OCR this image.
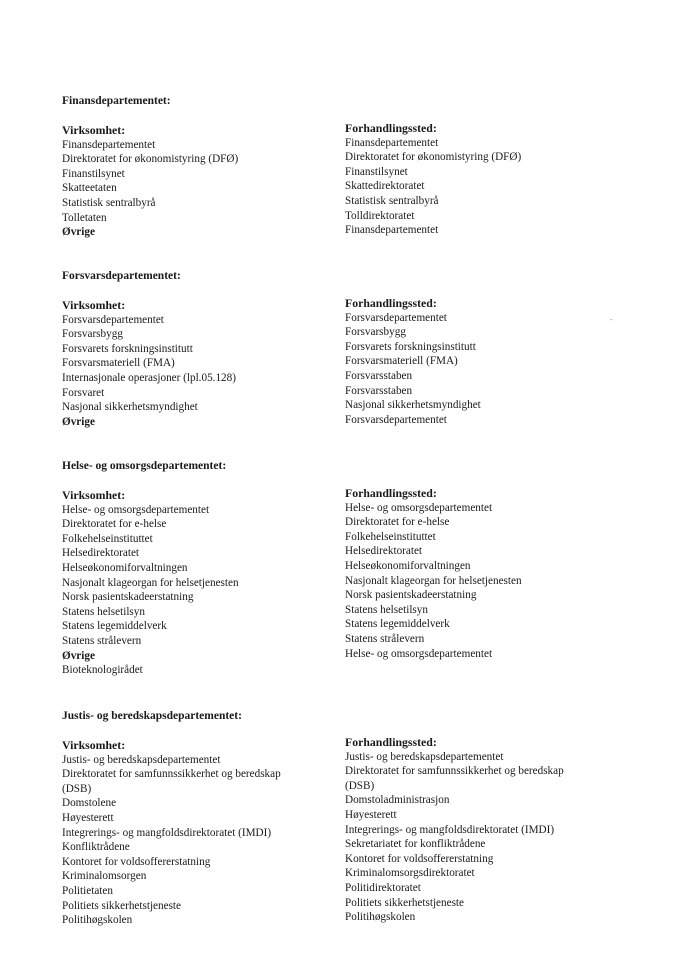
Finansdepartementet:
Virksomhet:
Finansdepartementet
Direktoratet for økonomistyring (DFØ)
Finanstilsynet
Skatteetaten
Statistisk sentralbyrå
Tolletaten
Øvrige
Forhandlingssted:
Finansdepartementet
Direktoratet for økonomistyring (DFØ)
Finanstilsynet
Skattedirektoratet
Statistisk sentralbyrå
Tolldirektoratet
Finansdepartementet
Forsvarsdepartementet:
Virksomhet:
Forsvarsdepartementet
Forsvarsbygg
Forsvarets forskningsinstitutt
Forsvarsmateriell (FMA)
Internasjonale operasjoner (lpl.05.128)
Forsvaret
Nasjonal sikkerhetsmyndighet
Øvrige
Forhandlingssted:
Forsvarsdepartementet
Forsvarsbygg
Forsvarets forskningsinstitutt
Forsvarsmateriell (FMA)
Forsvarsstaben
Forsvarsstaben
Nasjonal sikkerhetsmyndighet
Forsvarsdepartementet
-
Helse- og omsorgsdepartementet:
Virksomhet:
Helse- og omsorgsdepartementet
Direktoratet for e-helse
Folkehelseinstituttet
Helsedirektoratet
Helseøkonomiforvaltningen
Nasjonalt klageorgan for helsetjenesten
Norsk pasientskadeerstatning
Statens helsetilsyn
Statens legemiddelverk
Statens strålevern
Øvrige
Bioteknologirådet
Forhandlingssted:
Helse- og omsorgsdepartementet
Direktoratet for e-helse
Folkehelseinstituttet
Helsedirektoratet
Helseøkonomiforvaltningen
Nasjonalt klageorgan for helsetjenesten
Norsk pasientskadeerstatning
Statens helsetilsyn
Statens legemiddelverk
Statens strålevern
Helse- og omsorgsdepartementet
Justis- og beredskapsdepartementet:
Virksomhet:
Justis- og beredskapsdepartementet
Direktoratet for samfunnssikkerhet og beredskap
(DSB)
Domstolene
Høyesterett
Integrerings- og mangfoldsdirektoratet (IMDI)
Konfliktrådene
Kontoret for voldsoffererstatning
Kriminalomsorgen
Politietaten
Politiets sikkerhetstjeneste
Politihøgskolen
Forhandlingssted:
Justis- og beredskapsdepartementet
Direktoratet for samfunnssikkerhet og beredskap
(DSB)
Domstoladministrasjon
Høyesterett
Integrerings- og mangfoldsdirektoratet (IMDI)
Sekretariatet for konfliktrådene
Kontoret for voldsoffererstatning
Kriminalomsorgsdirektoratet
Politidirektoratet
Politiets sikkerhetstjeneste
Politihøgskolen
